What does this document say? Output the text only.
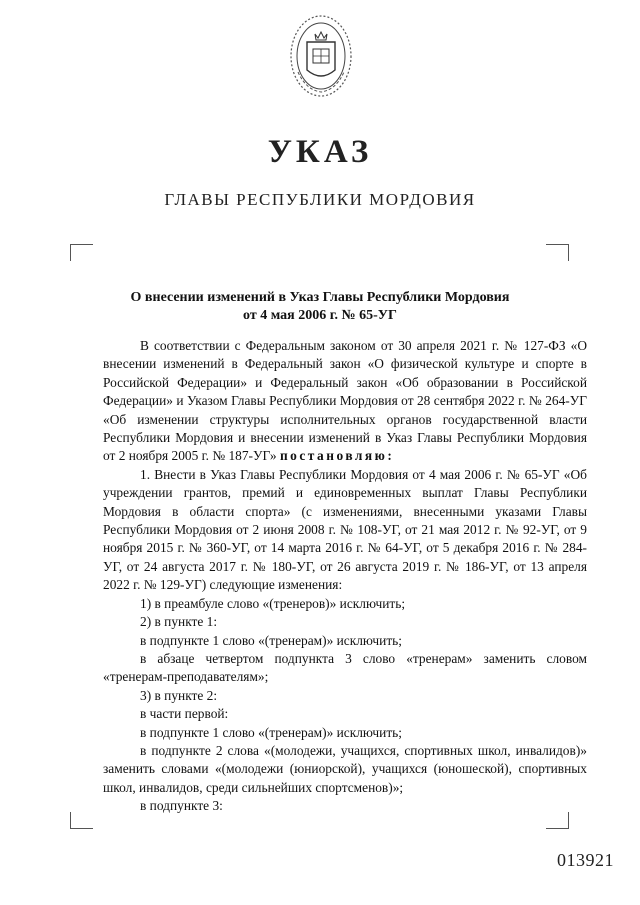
УКАЗ
ГЛАВЫ РЕСПУБЛИКИ МОРДОВИЯ
О внесении изменений в Указ Главы Республики Мордовия
от 4 мая 2006 г. № 65-УГ

В соответствии с Федеральным законом от 30 апреля 2021 г. № 127-ФЗ «О внесении изменений в Федеральный закон «О физической культуре и спорте в Российской Федерации» и Федеральный закон «Об образовании в Российской Федерации» и Указом Главы Республики Мордовия от 28 сентября 2022 г. № 264-УГ «Об изменении структуры исполнительных органов государственной власти Республики Мордовия и внесении изменений в Указ Главы Республики Мордовия от 2 ноября 2005 г. № 187-УГ» постановляю:

1. Внести в Указ Главы Республики Мордовия от 4 мая 2006 г. № 65-УГ «Об учреждении грантов, премий и единовременных выплат Главы Республики Мордовия в области спорта» (с изменениями, внесенными указами Главы Республики Мордовия от 2 июня 2008 г. № 108-УГ, от 21 мая 2012 г. № 92-УГ, от 9 ноября 2015 г. № 360-УГ, от 14 марта 2016 г. № 64-УГ, от 5 декабря 2016 г. № 284-УГ, от 24 августа 2017 г. № 180-УГ, от 26 августа 2019 г. № 186-УГ, от 13 апреля 2022 г. № 129-УГ) следующие изменения:

1) в преамбуле слово «(тренеров)» исключить;

2) в пункте 1:

в подпункте 1 слово «(тренерам)» исключить;

в абзаце четвертом подпункта 3 слово «тренерам» заменить словом «тренерам-преподавателям»;

3) в пункте 2:

в части первой:

в подпункте 1 слово «(тренерам)» исключить;

в подпункте 2 слова «(молодежи, учащихся, спортивных школ, инвалидов)» заменить словами «(молодежи (юниорской), учащихся (юношеской), спортивных школ, инвалидов, среди сильнейших спортсменов)»;

в подпункте 3:

013921
